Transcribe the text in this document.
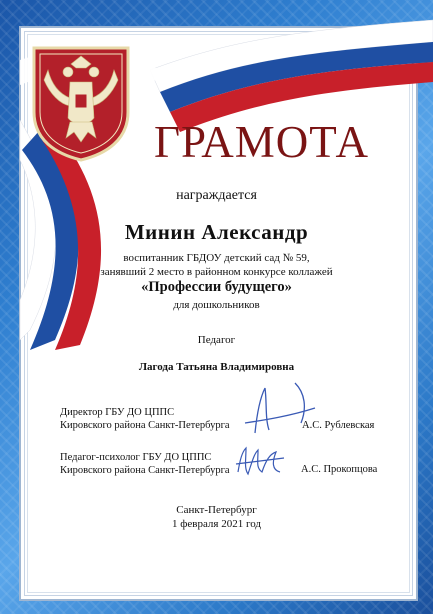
ГРАМОТА
награждается
Минин Александр
воспитанник ГБДОУ детский сад № 59,
занявший 2 место в районном конкурсе коллажей
«Профессии будущего»
для дошкольников
Педагог
Лагода Татьяна Владимировна
Директор ГБУ ДО ЦППС
Кировского района Санкт-Петербурга	А.С. Рублевская
Педагог-психолог ГБУ ДО ЦППС
Кировского района Санкт-Петербурга	А.С. Прокопцова
Санкт-Петербург
1 февраля 2021 год
